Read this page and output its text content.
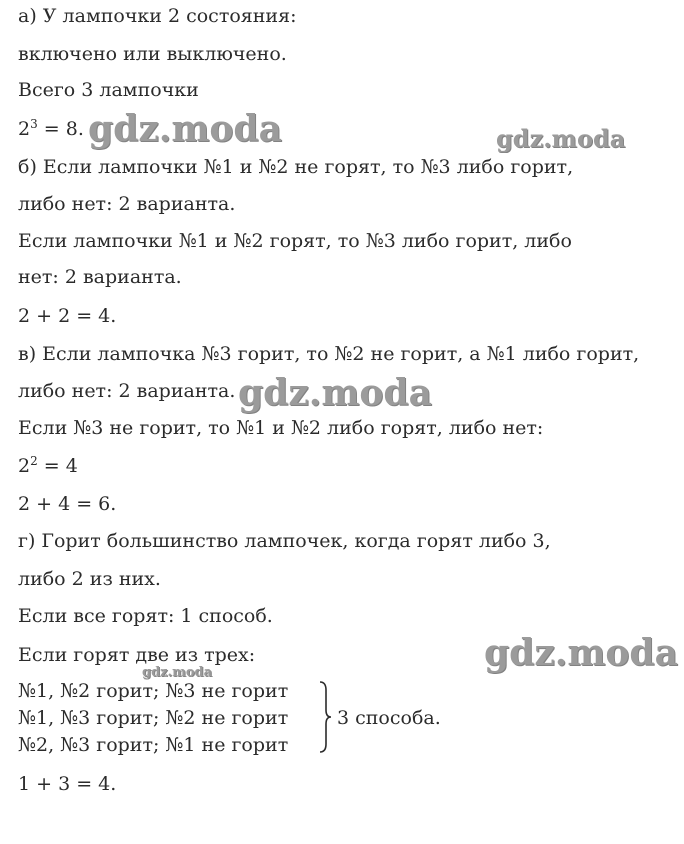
а) У лампочки 2 состояния:
включено или выключено.
Всего 3 лампочки
$2^3 = 8$.
б) Если лампочки №1 и №2 не горят, то №3 либо горит,
либо нет: 2 варианта.
Если лампочки №1 и №2 горят, то №3 либо горит, либо
нет: 2 варианта.
2 + 2 = 4.
в) Если лампочка №3 горит, то №2 не горит, а №1 либо горит,
либо нет: 2 варианта.
Если №3 не горит, то №1 и №2 либо горят, либо нет:
$2^2 = 4$
2 + 4 = 6.
г) Горит большинство лампочек, когда горят либо 3,
либо 2 из них.
Если все горят: 1 способ.
Если горят две из трех:
№1, №2 горит; №3 не горит
№1, №3 горит; №2 не горит
№2, №3 горит; №1 не горит
3 способа.
1 + 3 = 4.
gdz.moda	gdz.moda
gdz.moda
gdz.moda
gdz.moda
